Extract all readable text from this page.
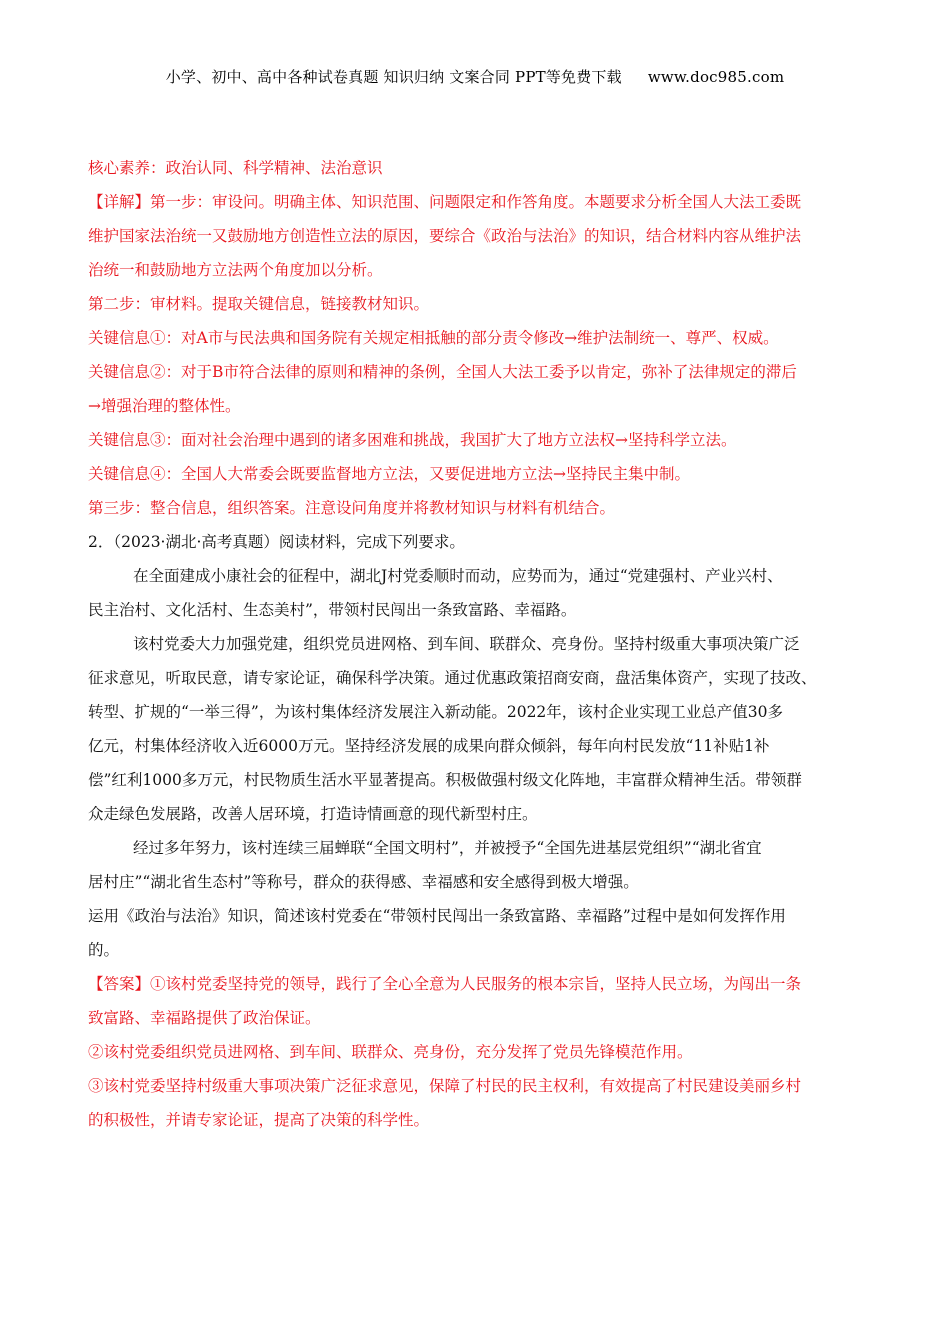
小学、初中、高中各种试卷真题 知识归纳 文案合同 PPT等免费下载 www.doc985.com
核心素养：政治认同、科学精神、法治意识
【详解】第一步：审设问。明确主体、知识范围、问题限定和作答角度。本题要求分析全国人大法工委既
维护国家法治统一又鼓励地方创造性立法的原因，要综合《政治与法治》的知识，结合材料内容从维护法
治统一和鼓励地方立法两个角度加以分析。
第二步：审材料。提取关键信息，链接教材知识。
关键信息①：对A市与民法典和国务院有关规定相抵触的部分责令修改→维护法制统一、尊严、权威。
关键信息②：对于B市符合法律的原则和精神的条例，全国人大法工委予以肯定，弥补了法律规定的滞后
→增强治理的整体性。
关键信息③：面对社会治理中遇到的诸多困难和挑战，我国扩大了地方立法权→坚持科学立法。
关键信息④：全国人大常委会既要监督地方立法，又要促进地方立法→坚持民主集中制。
第三步：整合信息，组织答案。注意设问角度并将教材知识与材料有机结合。
2．（2023·湖北·高考真题）阅读材料，完成下列要求。
在全面建成小康社会的征程中，湖北J村党委顺时而动，应势而为，通过“党建强村、产业兴村、
民主治村、文化活村、生态美村”，带领村民闯出一条致富路、幸福路。
该村党委大力加强党建，组织党员进网格、到车间、联群众、亮身份。坚持村级重大事项决策广泛
征求意见，听取民意，请专家论证，确保科学决策。通过优惠政策招商安商，盘活集体资产，实现了技改、
转型、扩规的“一举三得”，为该村集体经济发展注入新动能。2022年，该村企业实现工业总产值30多
亿元，村集体经济收入近6000万元。坚持经济发展的成果向群众倾斜，每年向村民发放“11补贴1补
偿”红利1000多万元，村民物质生活水平显著提高。积极做强村级文化阵地，丰富群众精神生活。带领群
众走绿色发展路，改善人居环境，打造诗情画意的现代新型村庄。
经过多年努力，该村连续三届蝉联“全国文明村”，并被授予“全国先进基层党组织”“湖北省宜
居村庄”“湖北省生态村”等称号，群众的获得感、幸福感和安全感得到极大增强。
运用《政治与法治》知识，简述该村党委在“带领村民闯出一条致富路、幸福路”过程中是如何发挥作用
的。
【答案】①该村党委坚持党的领导，践行了全心全意为人民服务的根本宗旨，坚持人民立场，为闯出一条
致富路、幸福路提供了政治保证。
②该村党委组织党员进网格、到车间、联群众、亮身份，充分发挥了党员先锋模范作用。
③该村党委坚持村级重大事项决策广泛征求意见，保障了村民的民主权利，有效提高了村民建设美丽乡村
的积极性，并请专家论证，提高了决策的科学性。
